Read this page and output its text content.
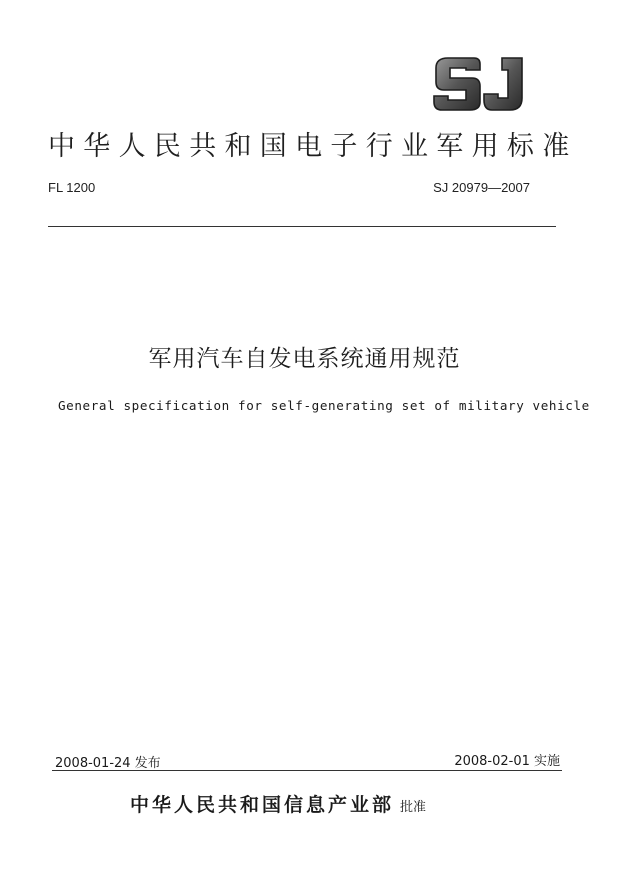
中华人民共和国电子行业军用标准
FL 1200	SJ 20979—2007
军用汽车自发电系统通用规范
General specification for self-generating set of military vehicle
2008-01-24 发布	2008-02-01 实施
中华人民共和国信息产业部 批准
